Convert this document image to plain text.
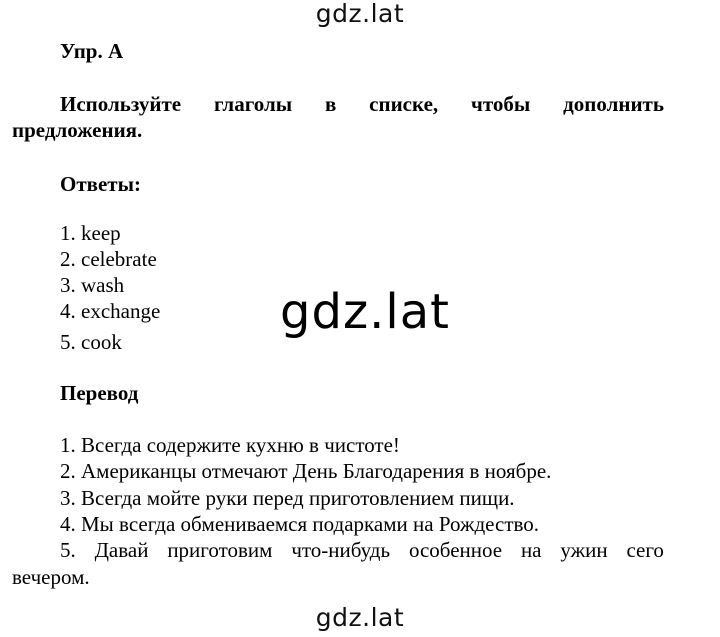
gdz.lat
Упр. А
Используйте глаголы в списке, чтобы дополнить
предложения.
Ответы:
1. keep
2. celebrate
3. wash
4. exchange
5. cook
gdz.lat
Перевод
1. Всегда содержите кухню в чистоте!
2. Американцы отмечают День Благодарения в ноябре.
3. Всегда мойте руки перед приготовлением пищи.
4. Мы всегда обмениваемся подарками на Рождество.
5. Давай приготовим что-нибудь особенное на ужин сего
вечером.
gdz.lat
